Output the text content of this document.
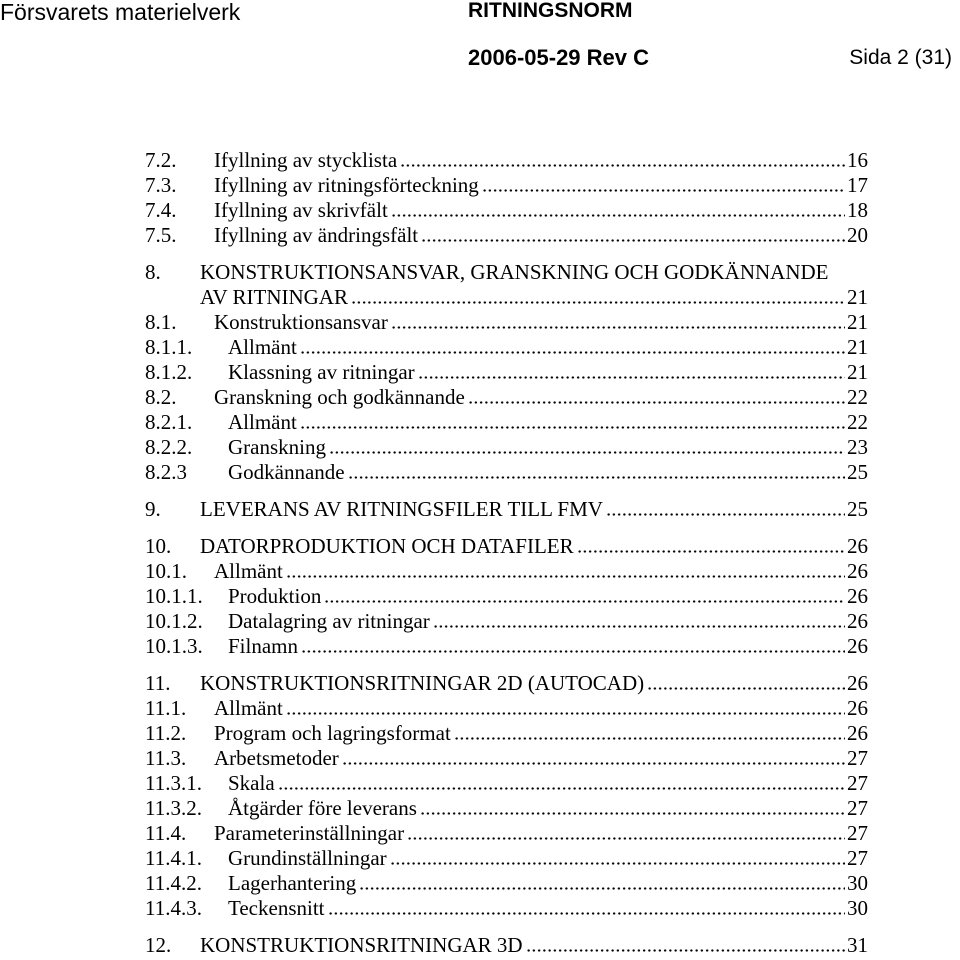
Försvarets materielverk	RITNINGSNORM
2006-05-29 Rev C	Sida 2 (31)
7.2. Ifyllning av stycklista	16
7.3. Ifyllning av ritningsförteckning	17
7.4. Ifyllning av skrivfält	18
7.5. Ifyllning av ändringsfält	20
8. KONSTRUKTIONSANSVAR, GRANSKNING OCH GODKÄNNANDE
AV RITNINGAR	21
8.1. Konstruktionsansvar	21
8.1.1. Allmänt	21
8.1.2. Klassning av ritningar	21
8.2. Granskning och godkännande	22
8.2.1. Allmänt	22
8.2.2. Granskning	23
8.2.3 Godkännande	25
9. LEVERANS AV RITNINGSFILER TILL FMV	25
10. DATORPRODUKTION OCH DATAFILER	26
10.1. Allmänt	26
10.1.1. Produktion	26
10.1.2. Datalagring av ritningar	26
10.1.3. Filnamn	26
11. KONSTRUKTIONSRITNINGAR 2D (AUTOCAD)	26
11.1. Allmänt	26
11.2. Program och lagringsformat	26
11.3. Arbetsmetoder	27
11.3.1. Skala	27
11.3.2. Åtgärder före leverans	27
11.4. Parameterinställningar	27
11.4.1. Grundinställningar	27
11.4.2. Lagerhantering	30
11.4.3. Teckensnitt	30
12. KONSTRUKTIONSRITNINGAR 3D	31
